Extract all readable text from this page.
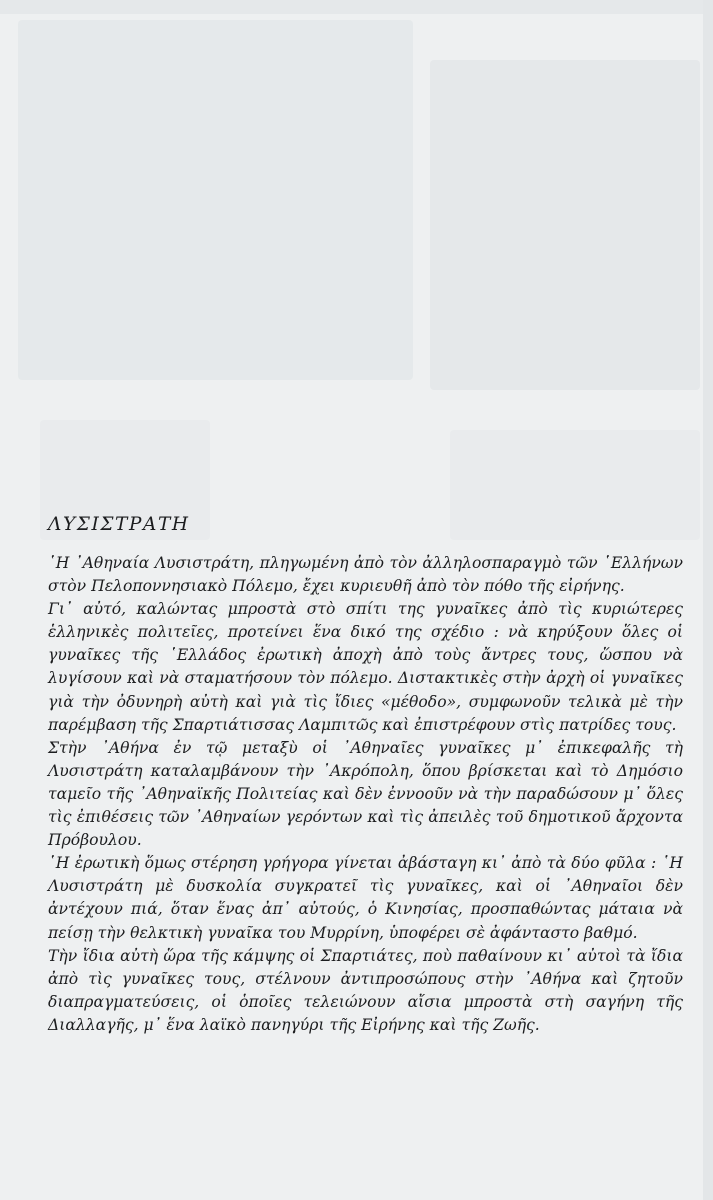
ΛΥΣΙΣΤΡΑΤΗ

῾Η ᾿Αθηναία Λυσιστράτη, πληγωμένη ἀπὸ τὸν ἀλληλοσπαραγμὸ τῶν ῾Ελλήνων στὸν Πελοποννησιακὸ Πόλεμο, ἔχει κυριευθῆ ἀπὸ τὸν πόθο τῆς εἰρήνης.

Γι᾿ αὐτό, καλώντας μπροστὰ στὸ σπίτι της γυναῖκες ἀπὸ τὶς κυριώτερες ἑλληνικὲς πολιτεῖες, προτείνει ἕνα δικό της σχέδιο : νὰ κηρύξουν ὅλες οἱ γυναῖκες τῆς ῾Ελλάδος ἐρωτικὴ ἀποχὴ ἀπὸ τοὺς ἄντρες τους, ὥσπου νὰ λυγίσουν καὶ νὰ σταματήσουν τὸν πόλεμο. Διστακτικὲς στὴν ἀρχὴ οἱ γυναῖκες γιὰ τὴν ὀδυνηρὴ αὐτὴ καὶ γιὰ τὶς ἴδιες «μέθοδο», συμφωνοῦν τελικὰ μὲ τὴν παρέμβαση τῆς Σπαρτιάτισσας Λαμπιτῶς καὶ ἐπιστρέφουν στὶς πατρίδες τους.

Στὴν ᾿Αθήνα ἐν τῷ μεταξὺ οἱ ᾿Αθηναῖες γυναῖκες μ᾿ ἐπικεφαλῆς τὴ Λυσιστράτη καταλαμβάνουν τὴν ᾿Ακρόπολη, ὅπου βρίσκεται καὶ τὸ Δημόσιο ταμεῖο τῆς ᾿Αθηναϊκῆς Πολιτείας καὶ δὲν ἐννοοῦν νὰ τὴν παραδώσουν μ᾿ ὅλες τὶς ἐπιθέσεις τῶν ᾿Αθηναίων γερόντων καὶ τὶς ἀπειλὲς τοῦ δημοτικοῦ ἄρχοντα Πρόβουλου.

῾Η ἐρωτικὴ ὅμως στέρηση γρήγορα γίνεται ἀβάσταγη κι᾿ ἀπὸ τὰ δύο φῦλα : ῾Η Λυσιστράτη μὲ δυσκολία συγκρατεῖ τὶς γυναῖκες, καὶ οἱ ᾿Αθηναῖοι δὲν ἀντέχουν πιά, ὅταν ἕνας ἀπ᾿ αὐτούς, ὁ Κινησίας, προσπαθώντας μάταια νὰ πείσῃ τὴν θελκτικὴ γυναῖκα του Μυρρίνη, ὑποφέρει σὲ ἀφάνταστο βαθμό.

Τὴν ἴδια αὐτὴ ὥρα τῆς κάμψης οἱ Σπαρτιάτες, ποὺ παθαίνουν κι᾿ αὐτοὶ τὰ ἴδια ἀπὸ τὶς γυναῖκες τους, στέλνουν ἀντιπροσώπους στὴν ᾿Αθήνα καὶ ζητοῦν διαπραγματεύσεις, οἱ ὁποῖες τελειώνουν αἴσια μπροστὰ στὴ σαγήνη τῆς Διαλλαγῆς, μ᾿ ἕνα λαϊκὸ πανηγύρι τῆς Εἰρήνης καὶ τῆς Ζωῆς.
